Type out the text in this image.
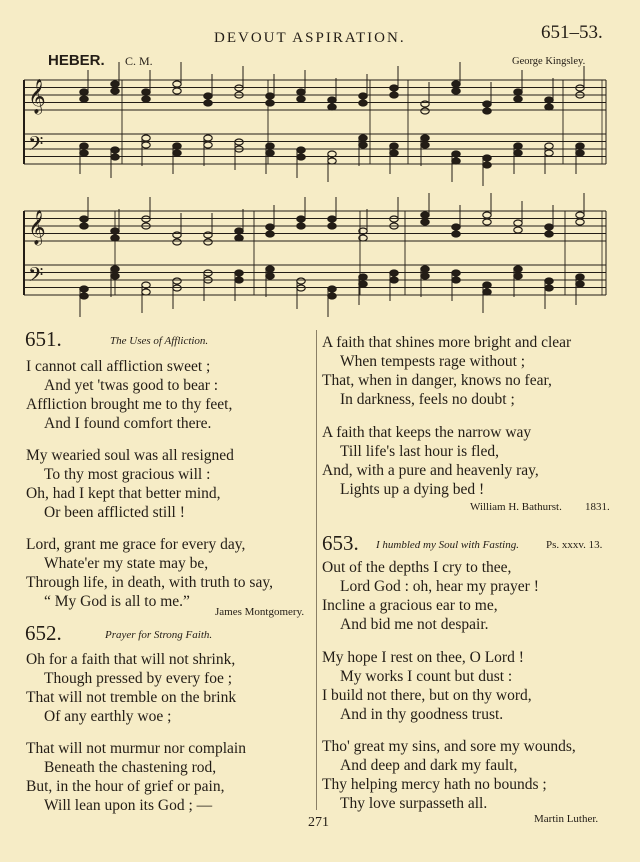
DEVOUT ASPIRATION.	651–53.
HEBER. C. M.	George Kingsley.
𝄞
𝄢
𝄞
𝄢
651.	The Uses of Affliction.
I cannot call affliction sweet ;
And yet 'twas good to bear :
Affliction brought me to thy feet,
And I found comfort there.
My wearied soul was all resigned
To thy most gracious will :
Oh, had I kept that better mind,
Or been afflicted still !
Lord, grant me grace for every day,
Whate'er my state may be,
Through life, in death, with truth to say,
“ My God is all to me.”
James Montgomery.
652.	Prayer for Strong Faith.
Oh for a faith that will not shrink,
Though pressed by every foe ;
That will not tremble on the brink
Of any earthly woe ;
That will not murmur nor complain
Beneath the chastening rod,
But, in the hour of grief or pain,
Will lean upon its God ; —
A faith that shines more bright and clear
When tempests rage without ;
That, when in danger, knows no fear,
In darkness, feels no doubt ;
A faith that keeps the narrow way
Till life's last hour is fled,
And, with a pure and heavenly ray,
Lights up a dying bed !
William H. Bathurst. 1831.
653. I humbled my Soul with Fasting. Ps. xxxv. 13.
Out of the depths I cry to thee,
Lord God : oh, hear my prayer !
Incline a gracious ear to me,
And bid me not despair.
My hope I rest on thee, O Lord !
My works I count but dust :
I build not there, but on thy word,
And in thy goodness trust.
Tho' great my sins, and sore my wounds,
And deep and dark my fault,
Thy helping mercy hath no bounds ;
Thy love surpasseth all.
Martin Luther.
271
